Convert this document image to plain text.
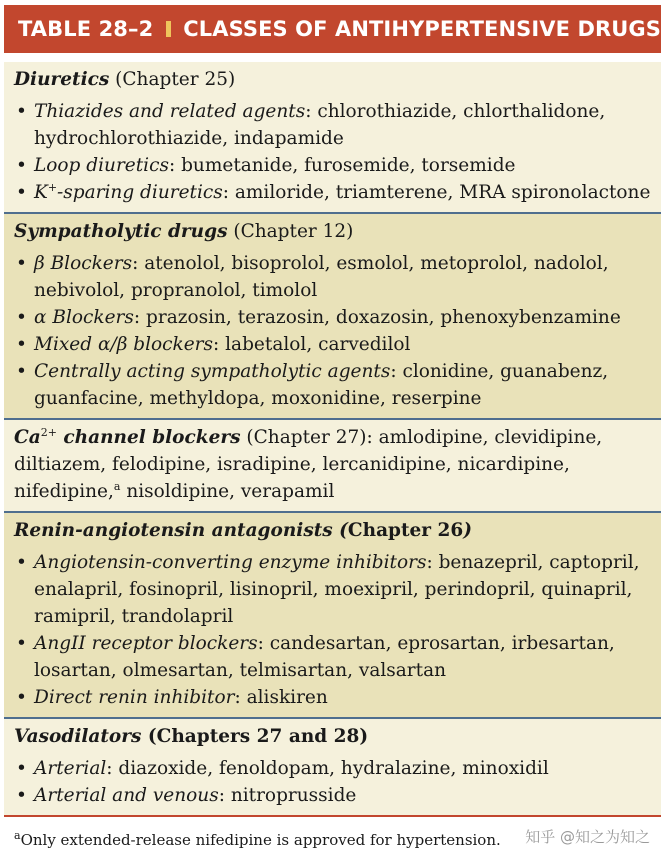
TABLE 28–2 CLASSES OF ANTIHYPERTENSIVE DRUGS
Diuretics (Chapter 25)
• Thiazides and related agents: chlorothiazide, chlorthalidone, hydrochlorothiazide, indapamide
• Loop diuretics: bumetanide, furosemide, torsemide
• K+-sparing diuretics: amiloride, triamterene, MRA spironolactone
Sympatholytic drugs (Chapter 12)
• β Blockers: atenolol, bisoprolol, esmolol, metoprolol, nadolol, nebivolol, propranolol, timolol
• α Blockers: prazosin, terazosin, doxazosin, phenoxybenzamine
• Mixed α/β blockers: labetalol, carvedilol
• Centrally acting sympatholytic agents: clonidine, guanabenz, guanfacine, methyldopa, moxonidine, reserpine
$Ca^{2+}$ channel blockers (Chapter 27): amlodipine, clevidipine, diltiazem, felodipine, isradipine, lercanidipine, nicardipine, nifedipine,$^a$ nisoldipine, verapamil
Renin-angiotensin antagonists (Chapter 26)
• Angiotensin-converting enzyme inhibitors: benazepril, captopril, enalapril, fosinopril, lisinopril, moexipril, perindopril, quinapril, ramipril, trandolapril
• AngII receptor blockers: candesartan, eprosartan, irbesartan, losartan, olmesartan, telmisartan, valsartan
• Direct renin inhibitor: aliskiren
Vasodilators (Chapters 27 and 28)
• Arterial: diazoxide, fenoldopam, hydralazine, minoxidil
• Arterial and venous: nitroprusside
$^a$Only extended-release nifedipine is approved for hypertension. 知乎 @知之为知之
